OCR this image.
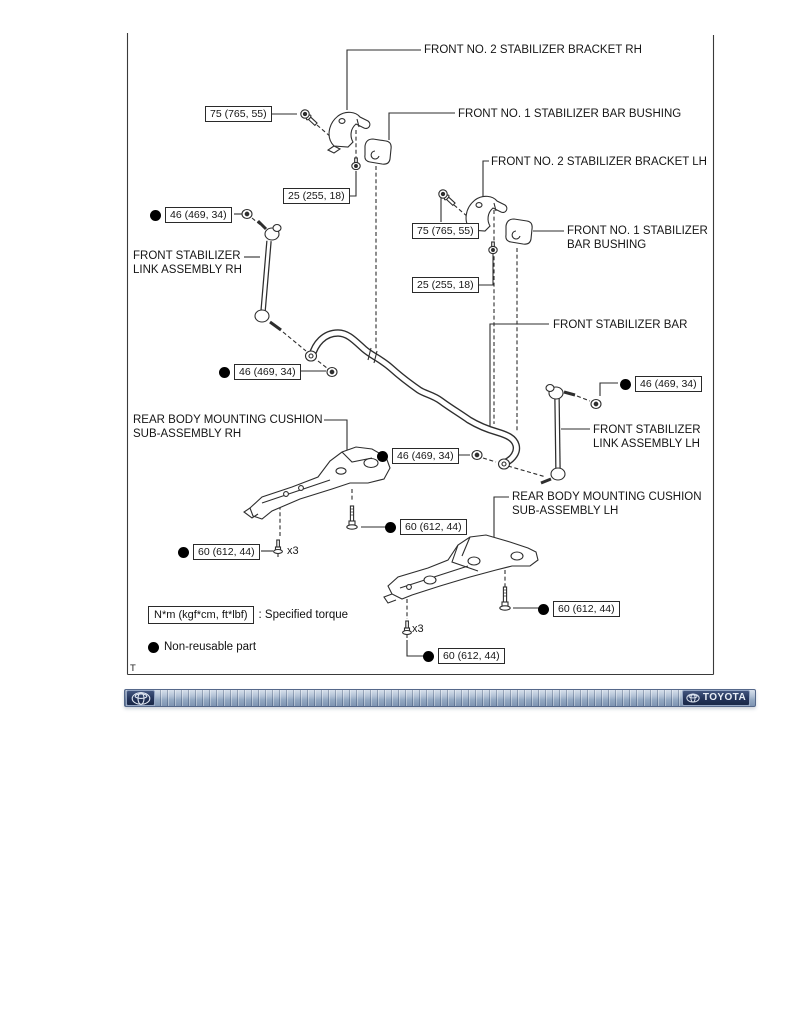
FRONT NO. 2 STABILIZER BRACKET RH
FRONT NO. 1 STABILIZER BAR BUSHING
FRONT NO. 2 STABILIZER BRACKET LH
FRONT STABILIZER
LINK ASSEMBLY RH
FRONT NO. 1 STABILIZER
BAR BUSHING
FRONT STABILIZER BAR
FRONT STABILIZER
LINK ASSEMBLY LH
REAR BODY MOUNTING CUSHION
SUB-ASSEMBLY RH
REAR BODY MOUNTING CUSHION
SUB-ASSEMBLY LH
75 (765, 55)
25 (255, 18)
46 (469, 34)
75 (765, 55)
25 (255, 18)
46 (469, 34)
46 (469, 34)
46 (469, 34)
60 (612, 44)
60 (612, 44)
60 (612, 44)
60 (612, 44)
x3
x3
N*m (kgf*cm, ft*lbf) : Specified torque
Non-reusable part
T
TOYOTA
